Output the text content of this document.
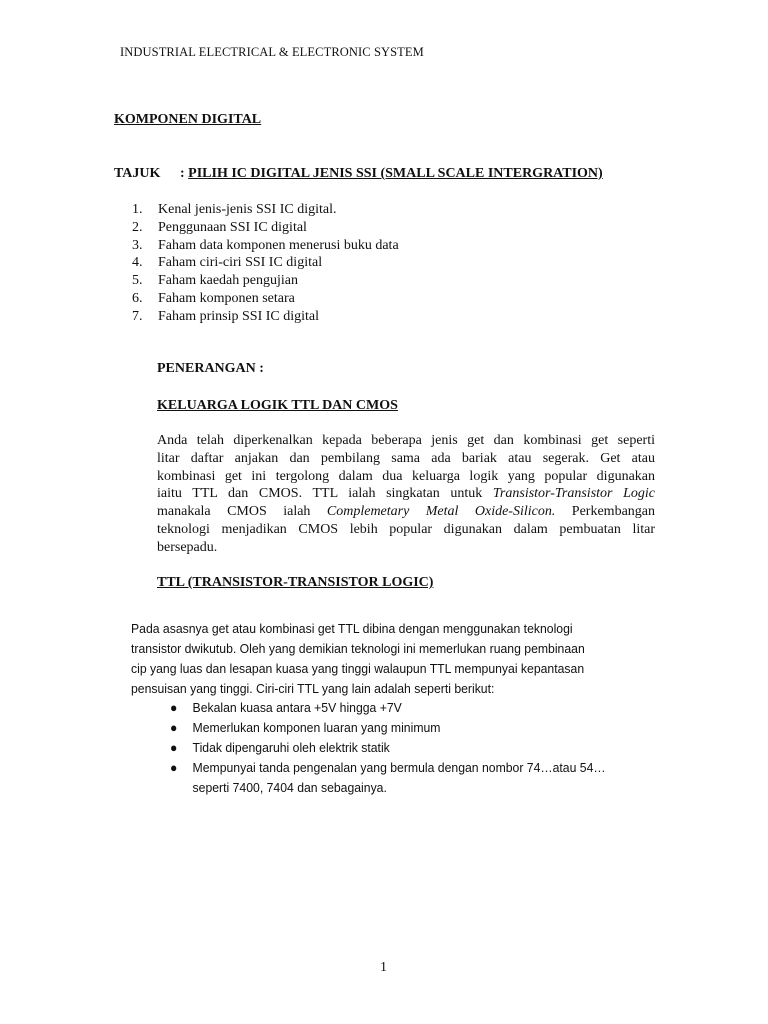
INDUSTRIAL ELECTRICAL & ELECTRONIC SYSTEM
KOMPONEN DIGITAL
TAJUK : PILIH IC DIGITAL JENIS SSI (SMALL SCALE INTERGRATION)
1. Kenal jenis-jenis SSI IC digital.
2. Penggunaan SSI IC digital
3. Faham data komponen menerusi buku data
4. Faham ciri-ciri SSI IC digital
5. Faham kaedah pengujian
6. Faham komponen setara
7. Faham prinsip SSI IC digital
PENERANGAN :
KELUARGA LOGIK TTL DAN CMOS
Anda telah diperkenalkan kepada beberapa jenis get dan kombinasi get seperti
litar daftar anjakan dan pembilang sama ada bariak atau segerak. Get atau
kombinasi get ini tergolong dalam dua keluarga logik yang popular digunakan
iaitu TTL dan CMOS. TTL ialah singkatan untuk Transistor-Transistor Logic
manakala CMOS ialah Complemetary Metal Oxide-Silicon. Perkembangan
teknologi menjadikan CMOS lebih popular digunakan dalam pembuatan litar
bersepadu.
TTL (TRANSISTOR-TRANSISTOR LOGIC)
Pada asasnya get atau kombinasi get TTL dibina dengan menggunakan teknologi
transistor dwikutub. Oleh yang demikian teknologi ini memerlukan ruang pembinaan
cip yang luas dan lesapan kuasa yang tinggi walaupun TTL mempunyai kepantasan
pensuisan yang tinggi. Ciri-ciri TTL yang lain adalah seperti berikut:
● Bekalan kuasa antara +5V hingga +7V
● Memerlukan komponen luaran yang minimum
● Tidak dipengaruhi oleh elektrik statik
● Mempunyai tanda pengenalan yang bermula dengan nombor 74…atau 54…
seperti 7400, 7404 dan sebagainya.
1
